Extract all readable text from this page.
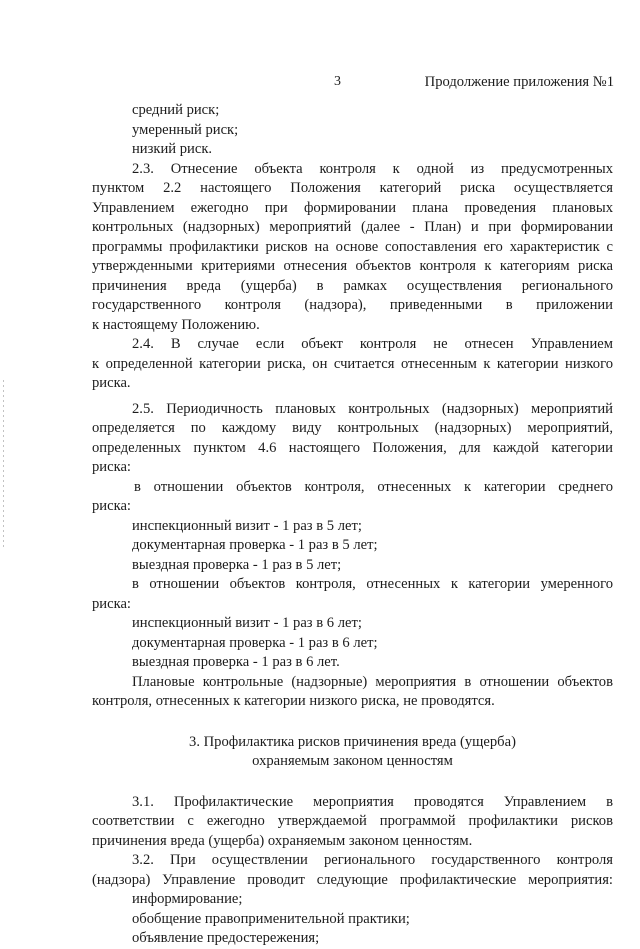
3	Продолжение приложения №1
средний риск;
умеренный риск;
низкий риск.
2.3. Отнесение объекта контроля к одной из предусмотренных
пунктом 2.2 настоящего Положения категорий риска осуществляется
Управлением ежегодно при формировании плана проведения плановых
контрольных (надзорных) мероприятий (далее - План) и при формировании
программы профилактики рисков на основе сопоставления его характеристик с
утвержденными критериями отнесения объектов контроля к категориям риска
причинения вреда (ущерба) в рамках осуществления регионального
государственного контроля (надзора), приведенными в приложении
к настоящему Положению.
2.4. В случае если объект контроля не отнесен Управлением
к определенной категории риска, он считается отнесенным к категории низкого
риска.
2.5. Периодичность плановых контрольных (надзорных) мероприятий
определяется по каждому виду контрольных (надзорных) мероприятий,
определенных пунктом 4.6 настоящего Положения, для каждой категории
риска:
в отношении объектов контроля, отнесенных к категории среднего
риска:
инспекционный визит - 1 раз в 5 лет;
документарная проверка - 1 раз в 5 лет;
выездная проверка - 1 раз в 5 лет;
в отношении объектов контроля, отнесенных к категории умеренного
риска:
инспекционный визит - 1 раз в 6 лет;
документарная проверка - 1 раз в 6 лет;
выездная проверка - 1 раз в 6 лет.
Плановые контрольные (надзорные) мероприятия в отношении объектов
контроля, отнесенных к категории низкого риска, не проводятся.
3. Профилактика рисков причинения вреда (ущерба)
охраняемым законом ценностям
3.1. Профилактические мероприятия проводятся Управлением в
соответствии с ежегодно утверждаемой программой профилактики рисков
причинения вреда (ущерба) охраняемым законом ценностям.
3.2. При осуществлении регионального государственного контроля
(надзора) Управление проводит следующие профилактические мероприятия:
информирование;
обобщение правоприменительной практики;
объявление предостережения;
